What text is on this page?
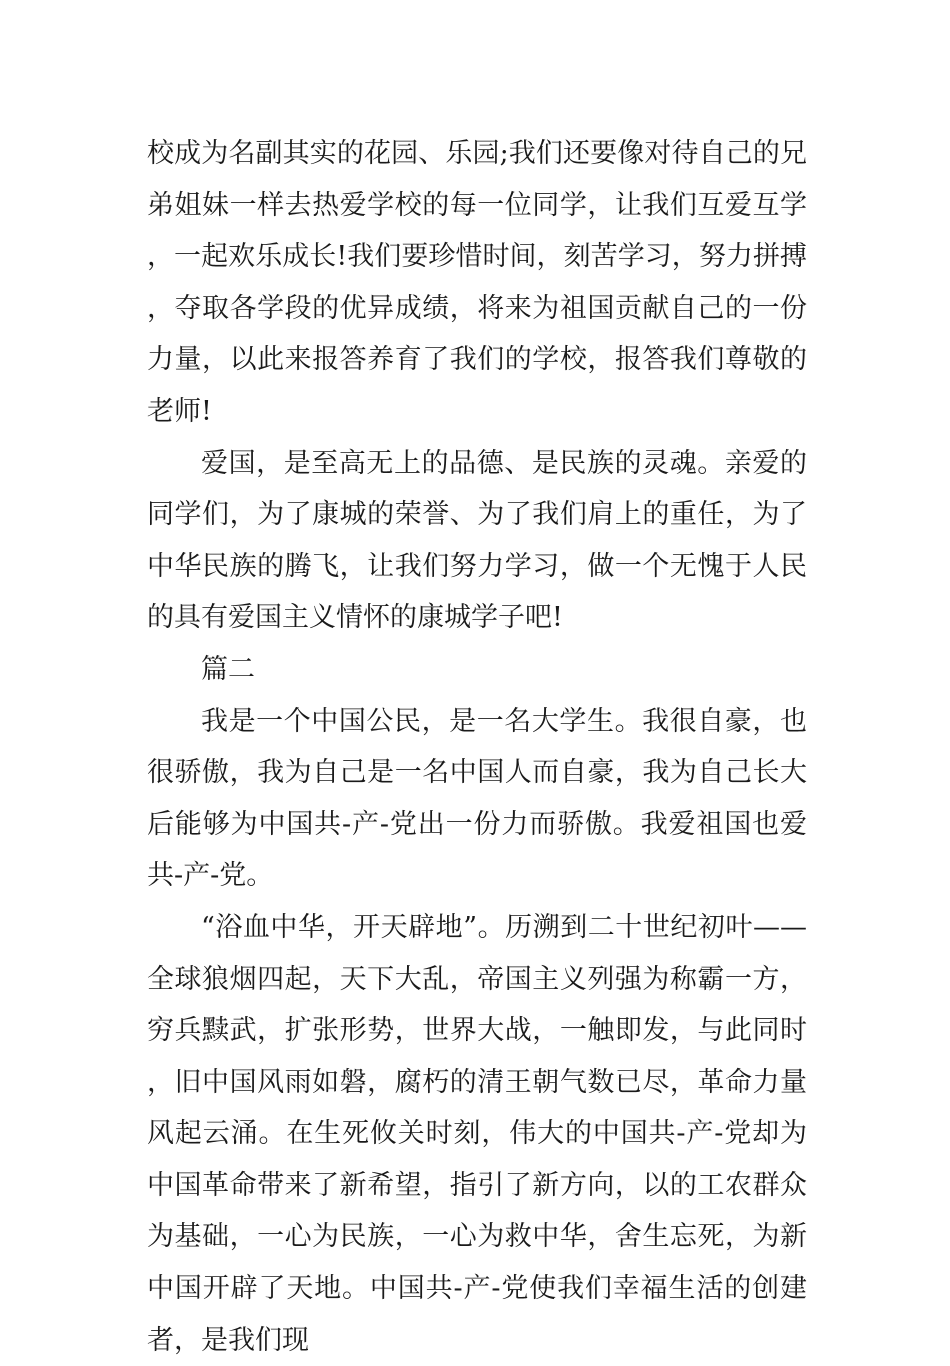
校成为名副其实的花园、乐园;我们还要像对待自己的兄弟姐妹一样去热爱学校的每一位同学，让我们互爱互学，一起欢乐成长!我们要珍惜时间，刻苦学习，努力拼搏，夺取各学段的优异成绩，将来为祖国贡献自己的一份力量，以此来报答养育了我们的学校，报答我们尊敬的老师!

爱国，是至高无上的品德、是民族的灵魂。亲爱的同学们，为了康城的荣誉、为了我们肩上的重任，为了中华民族的腾飞，让我们努力学习，做一个无愧于人民的具有爱国主义情怀的康城学子吧!

篇二

我是一个中国公民，是一名大学生。我很自豪，也很骄傲，我为自己是一名中国人而自豪，我为自己长大后能够为中国共-产-党出一份力而骄傲。我爱祖国也爱共-产-党。

“浴血中华，开天辟地”。历溯到二十世纪初叶——全球狼烟四起，天下大乱，帝国主义列强为称霸一方，穷兵黩武，扩张形势，世界大战，一触即发，与此同时，旧中国风雨如磐，腐朽的清王朝气数已尽，革命力量风起云涌。在生死攸关时刻，伟大的中国共-产-党却为中国革命带来了新希望，指引了新方向，以的工农群众为基础，一心为民族，一心为救中华，舍生忘死，为新中国开辟了天地。中国共-产-党使我们幸福生活的创建者，是我们现
